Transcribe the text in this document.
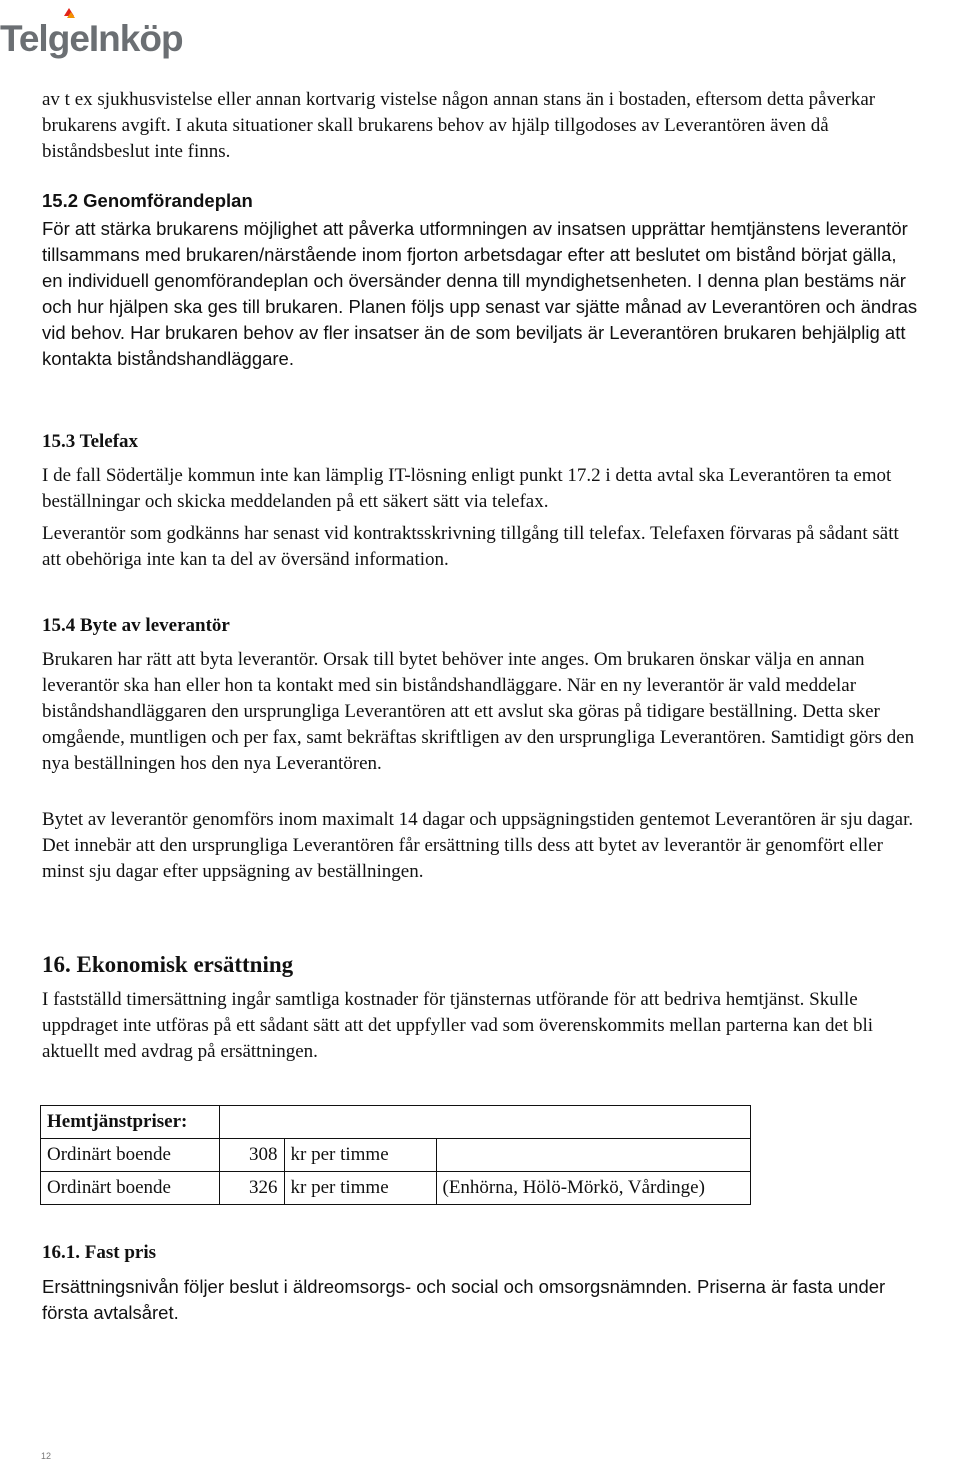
TelgeInköp

av t ex sjukhusvistelse eller annan kortvarig vistelse någon annan stans än i bostaden, eftersom detta påverkar brukarens avgift. I akuta situationer skall brukarens behov av hjälp tillgodoses av Leverantören även då biståndsbeslut inte finns.

15.2 Genomförandeplan

För att stärka brukarens möjlighet att påverka utformningen av insatsen upprättar hemtjänstens leverantör tillsammans med brukaren/närstående inom fjorton arbetsdagar efter att beslutet om bistånd börjat gälla, en individuell genomförandeplan och översänder denna till myndighetsenheten. I denna plan bestäms när och hur hjälpen ska ges till brukaren. Planen följs upp senast var sjätte månad av Leverantören och ändras vid behov. Har brukaren behov av fler insatser än de som beviljats är Leverantören brukaren behjälplig att kontakta biståndshandläggare.

15.3 Telefax

I de fall Södertälje kommun inte kan lämplig IT-lösning enligt punkt 17.2 i detta avtal ska Leverantören ta emot beställningar och skicka meddelanden på ett säkert sätt via telefax.

Leverantör som godkänns har senast vid kontraktsskrivning tillgång till telefax. Telefaxen förvaras på sådant sätt att obehöriga inte kan ta del av översänd information.

15.4 Byte av leverantör

Brukaren har rätt att byta leverantör. Orsak till bytet behöver inte anges. Om brukaren önskar välja en annan leverantör ska han eller hon ta kontakt med sin biståndshandläggare. När en ny leverantör är vald meddelar biståndshandläggaren den ursprungliga Leverantören att ett avslut ska göras på tidigare beställning. Detta sker omgående, muntligen och per fax, samt bekräftas skriftligen av den ursprungliga Leverantören. Samtidigt görs den nya beställningen hos den nya Leverantören.

Bytet av leverantör genomförs inom maximalt 14 dagar och uppsägningstiden gentemot Leverantören är sju dagar. Det innebär att den ursprungliga Leverantören får ersättning tills dess att bytet av leverantör är genomfört eller minst sju dagar efter uppsägning av beställningen.

16. Ekonomisk ersättning

I fastställd timersättning ingår samtliga kostnader för tjänsternas utförande för att bedriva hemtjänst. Skulle uppdraget inte utföras på ett sådant sätt att det uppfyller vad som överenskommits mellan parterna kan det bli aktuellt med avdrag på ersättningen.

Hemtjänstpriser:			
Ordinärt boende	308	kr per timme	
Ordinärt boende	326	kr per timme	(Enhörna, Hölö-Mörkö, Vårdinge)
16.1. Fast pris

Ersättningsnivån följer beslut i äldreomsorgs- och social och omsorgsnämnden. Priserna är fasta under första avtalsåret.

12
